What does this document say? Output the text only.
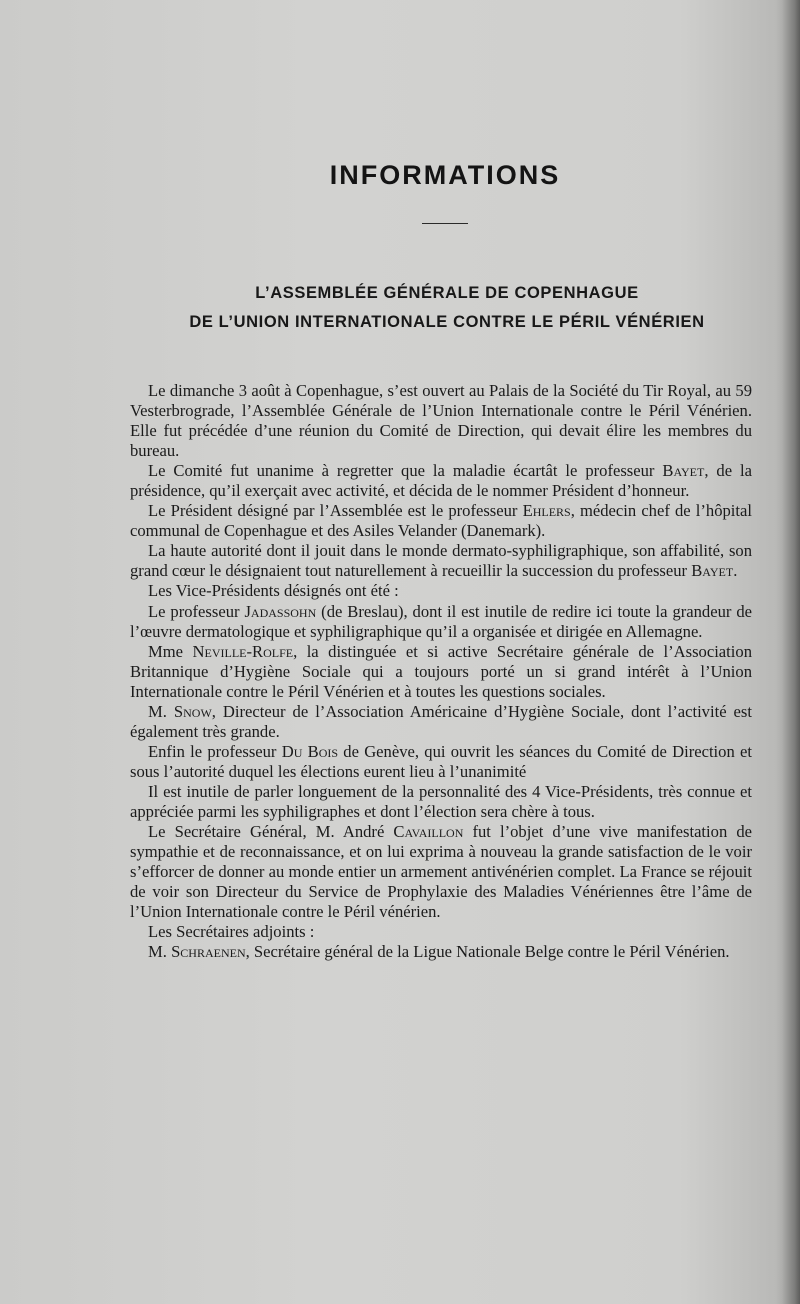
INFORMATIONS
L’ASSEMBLÉE GÉNÉRALE DE COPENHAGUE
DE L’UNION INTERNATIONALE CONTRE LE PÉRIL VÉNÉRIEN

Le dimanche 3 août à Copenhague, s’est ouvert au Palais de la Société du Tir Royal, au 59 Vesterbrograde, l’Assemblée Générale de l’Union Internationale contre le Péril Vénérien. Elle fut précédée d’une réunion du Comité de Direction, qui devait élire les membres du bureau.

Le Comité fut unanime à regretter que la maladie écartât le professeur Bayet, de la présidence, qu’il exerçait avec activité, et décida de le nommer Président d’honneur.

Le Président désigné par l’Assemblée est le professeur Ehlers, médecin chef de l’hôpital communal de Copenhague et des Asiles Velander (Danemark).

La haute autorité dont il jouit dans le monde dermato-syphiligraphique, son affabilité, son grand cœur le désignaient tout naturellement à recueillir la succession du professeur Bayet.

Les Vice-Présidents désignés ont été :

Le professeur Jadassohn (de Breslau), dont il est inutile de redire ici toute la grandeur de l’œuvre dermatologique et syphiligraphique qu’il a organisée et dirigée en Allemagne.

Mme Neville-Rolfe, la distinguée et si active Secrétaire générale de l’Association Britannique d’Hygiène Sociale qui a toujours porté un si grand intérêt à l’Union Internationale contre le Péril Vénérien et à toutes les questions sociales.

M. Snow, Directeur de l’Association Américaine d’Hygiène Sociale, dont l’activité est également très grande.

Enfin le professeur Du Bois de Genève, qui ouvrit les séances du Comité de Direction et sous l’autorité duquel les élections eurent lieu à l’unanimité

Il est inutile de parler longuement de la personnalité des 4 Vice-Présidents, très connue et appréciée parmi les syphiligraphes et dont l’élection sera chère à tous.

Le Secrétaire Général, M. André Cavaillon fut l’objet d’une vive manifestation de sympathie et de reconnaissance, et on lui exprima à nouveau la grande satisfaction de le voir s’efforcer de donner au monde entier un armement antivénérien complet. La France se réjouit de voir son Directeur du Service de Prophylaxie des Maladies Vénériennes être l’âme de l’Union Internationale contre le Péril vénérien.

Les Secrétaires adjoints :

M. Schraenen, Secrétaire général de la Ligue Nationale Belge contre le Péril Vénérien.
